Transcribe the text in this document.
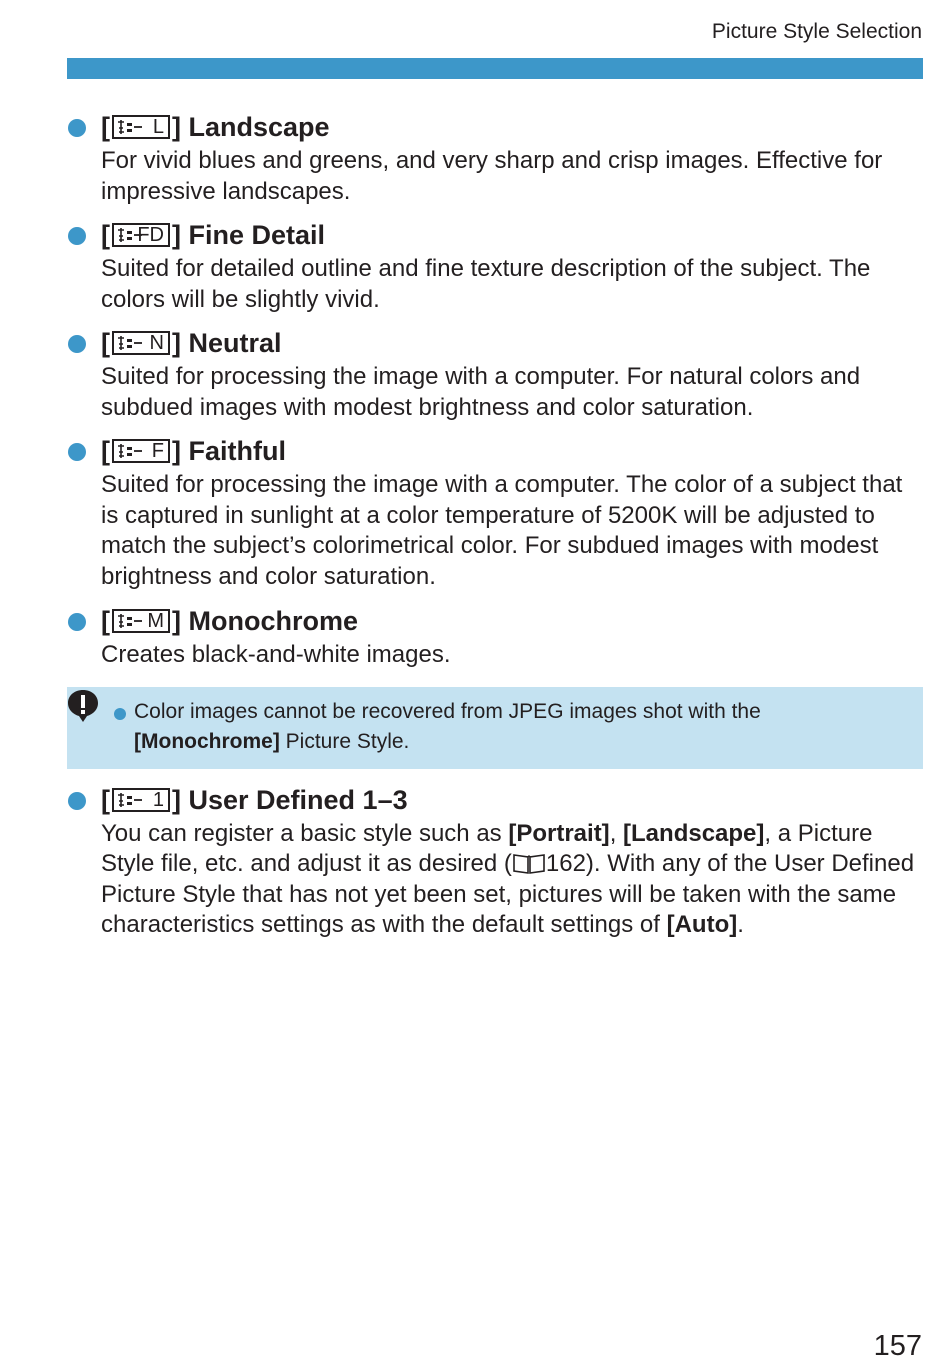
Picture Style Selection
[ L ] Landscape
For vivid blues and greens, and very sharp and crisp images. Effective for impressive landscapes.
[ FD ] Fine Detail
Suited for detailed outline and fine texture description of the subject. The colors will be slightly vivid.
[ N ] Neutral
Suited for processing the image with a computer. For natural colors and subdued images with modest brightness and color saturation.
[ F ] Faithful
Suited for processing the image with a computer. The color of a subject that is captured in sunlight at a color temperature of 5200K will be adjusted to match the subject’s colorimetrical color. For subdued images with modest brightness and color saturation.
[ M ] Monochrome
Creates black-and-white images.
Color images cannot be recovered from JPEG images shot with the [Monochrome] Picture Style.
[ 1 ] User Defined 1–3
You can register a basic style such as [Portrait], [Landscape], a Picture Style file, etc. and adjust it as desired ( 162). With any of the User Defined Picture Style that has not yet been set, pictures will be taken with the same characteristics settings as with the default settings of [Auto].
157
